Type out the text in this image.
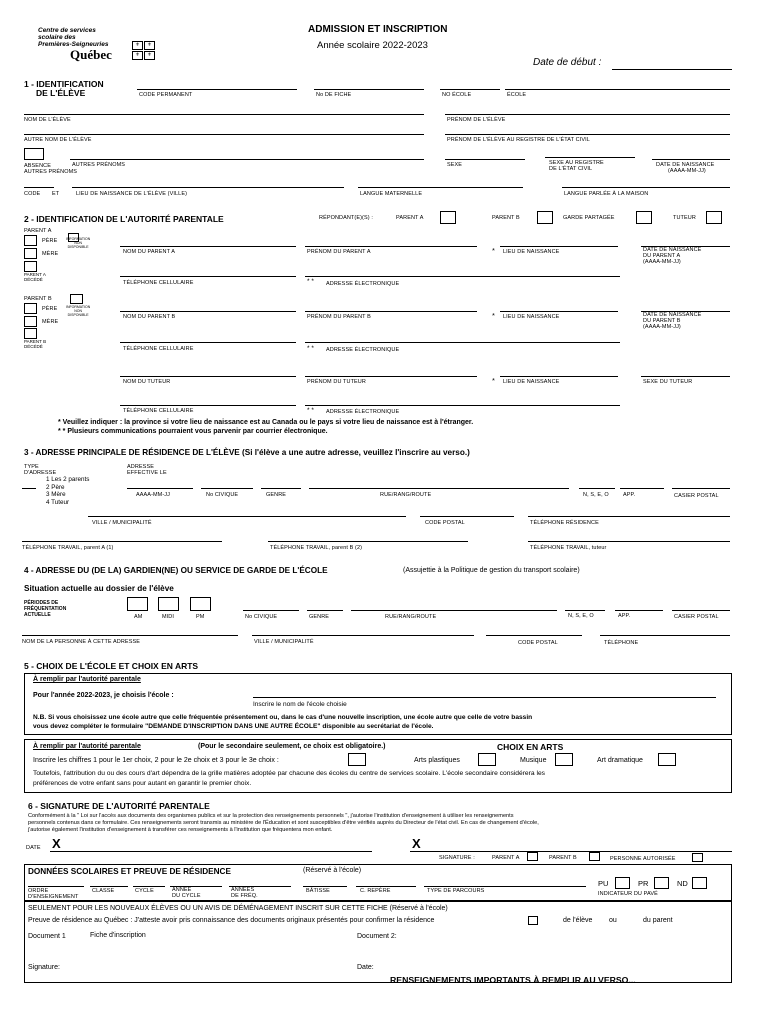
Centre de services
scolaire des
Premières-Seigneuries
Québec
⚜ ⚜
⚜ ⚜
ADMISSION ET INSCRIPTION
Année scolaire 2022-2023
Date de début :
1 - IDENTIFICATION
DE L'ÉLÈVE	CODE PERMANENT	No DE FICHE	NO ÉCOLE	ÉCOLE
NOM DE L'ÉLÈVE	PRÉNOM DE L'ÉLÈVE
AUTRE NOM DE L'ÉLÈVE	PRÉNOM DE L'ÉLÈVE AU REGISTRE DE L'ÉTAT CIVIL
ABSENCE
AUTRES PRÉNOMS
AUTRES PRÉNOMS	SEXE	SEXE AU REGISTRE
DE L'ÉTAT CIVIL
DATE DE NAISSANCE
(AAAA-MM-JJ)
CODE ET	LIEU DE NAISSANCE DE L'ÉLÈVE (VILLE)	LANGUE MATERNELLE	LANGUE PARLÉE À LA MAISON
2 - IDENTIFICATION DE L'AUTORITÉ PARENTALE	RÉPONDANT(E)(S) :	PARENT A	PARENT B	GARDE PARTAGÉE	TUTEUR
PARENT A
PÈRE
MÈRE
INFORMATION
NON
DISPONIBLE
PARENT A
DÉCÉDÉ
NOM DU PARENT A	PRÉNOM DU PARENT A	* LIEU DE NAISSANCE	DATE DE NAISSANCE
DU PARENT A
(AAAA-MM-JJ)
TÉLÉPHONE CELLULAIRE	* * ADRESSE ÉLECTRONIQUE
PARENT B
PÈRE
MÈRE
INFORMATION
NON
DISPONIBLE
PARENT B
DÉCÉDÉ
NOM DU PARENT B	PRÉNOM DU PARENT B	* LIEU DE NAISSANCE	DATE DE NAISSANCE
DU PARENT B
(AAAA-MM-JJ)
TÉLÉPHONE CELLULAIRE	* * ADRESSE ÉLECTRONIQUE
NOM DU TUTEUR	PRÉNOM DU TUTEUR	* LIEU DE NAISSANCE	SEXE DU TUTEUR
TÉLÉPHONE CELLULAIRE	* * ADRESSE ÉLECTRONIQUE
* Veuillez indiquer : la province si votre lieu de naissance est au Canada ou le pays si votre lieu de naissance est à l'étranger.
* * Plusieurs communications pourraient vous parvenir par courrier électronique.
3 - ADRESSE PRINCIPALE DE RÉSIDENCE DE L'ÉLÈVE (Si l'élève a une autre adresse, veuillez l'inscrire au verso.)
TYPE
D'ADRESSE
1 Les 2 parents
2 Père
3 Mère
4 Tuteur
ADRESSE
EFFECTIVE LE
AAAA-MM-JJ	No CIVIQUE	GENRE	RUE/RANG/ROUTE	N, S, E, O	APP.	CASIER POSTAL
VILLE / MUNICIPALITÉ	CODE POSTAL	TÉLÉPHONE RÉSIDENCE
TÉLÉPHONE TRAVAIL, parent A (1)	TÉLÉPHONE TRAVAIL, parent B (2)	TÉLÉPHONE TRAVAIL, tuteur
4 - ADRESSE DU (DE LA) GARDIEN(NE) OU SERVICE DE GARDE DE L'ÉCOLE	(Assujettie à la Politique de gestion du transport scolaire)
Situation actuelle au dossier de l'élève
PÉRIODES DE
FRÉQUENTATION
ACTUELLE	AM	MIDI	PM	No CIVIQUE	GENRE	RUE/RANG/ROUTE	N, S, E, O	APP.	CASIER POSTAL
NOM DE LA PERSONNE À CETTE ADRESSE	VILLE / MUNICIPALITÉ	CODE POSTAL	TÉLÉPHONE
5 - CHOIX DE L'ÉCOLE ET CHOIX EN ARTS
À remplir par l'autorité parentale
Pour l'année 2022-2023, je choisis l'école :
Inscrire le nom de l'école choisie
N.B. Si vous choisissez une école autre que celle fréquentée présentement ou, dans le cas d'une nouvelle inscription, une école autre que celle de votre bassin
vous devez compléter le formulaire "DEMANDE D'INSCRIPTION DANS UNE AUTRE ÉCOLE" disponible au secrétariat de l'école.
À remplir par l'autorité parentale	(Pour le secondaire seulement, ce choix est obligatoire.)	CHOIX EN ARTS
Inscrire les chiffres 1 pour le 1er choix, 2 pour le 2e choix et 3 pour le 3e choix :	Arts plastiques	Musique	Art dramatique
Toutefois, l'attribution du ou des cours d'art dépendra de la grille matières adoptée par chacune des écoles du centre de services scolaire. L'école secondaire considérera les
préférences de votre enfant sans pour autant en garantir le premier choix.
6 - SIGNATURE DE L'AUTORITÉ PARENTALE
Conformément à la " Loi sur l'accès aux documents des organismes publics et sur la protection des renseignements personnels ", j'autorise l'institution d'enseignement à utiliser les renseignements
personnels contenus dans ce formulaire. Ces renseignements seront transmis au ministère de l'Éducation et sont susceptibles d'être vérifiés auprès du Directeur de l'état civil. En cas de changement d'école,
j'autorise également l'institution d'enseignement à transférer ces renseignements à l'institution que fréquentera mon enfant.
DATE X	X
SIGNATURE :	PARENT A	PARENT B	PERSONNE AUTORISÉE
DONNÉES SCOLAIRES ET PREUVE DE RÉSIDENCE	(Réservé à l'école)
ORDRE
D'ENSEIGNEMENT
CLASSE	CYCLE	ANNÉE
DU CYCLE
ANNÉES
DE FRÉQ.
BÂTISSE	C. REPÈRE	TYPE DE PARCOURS
PU	PR	ND
INDICATEUR DU PAVÉ
SEULEMENT POUR LES NOUVEAUX ÉLÈVES OU UN AVIS DE DÉMÉNAGEMENT INSCRIT SUR CETTE FICHE (Réservé à l'école)
Preuve de résidence au Québec : J'atteste avoir pris connaissance des documents originaux présentés pour confirmer la résidence	de l'élève ou	du parent
Document 1	Fiche d'inscription	Document 2:
Signature:	Date:
RENSEIGNEMENTS IMPORTANTS À REMPLIR AU VERSO...
